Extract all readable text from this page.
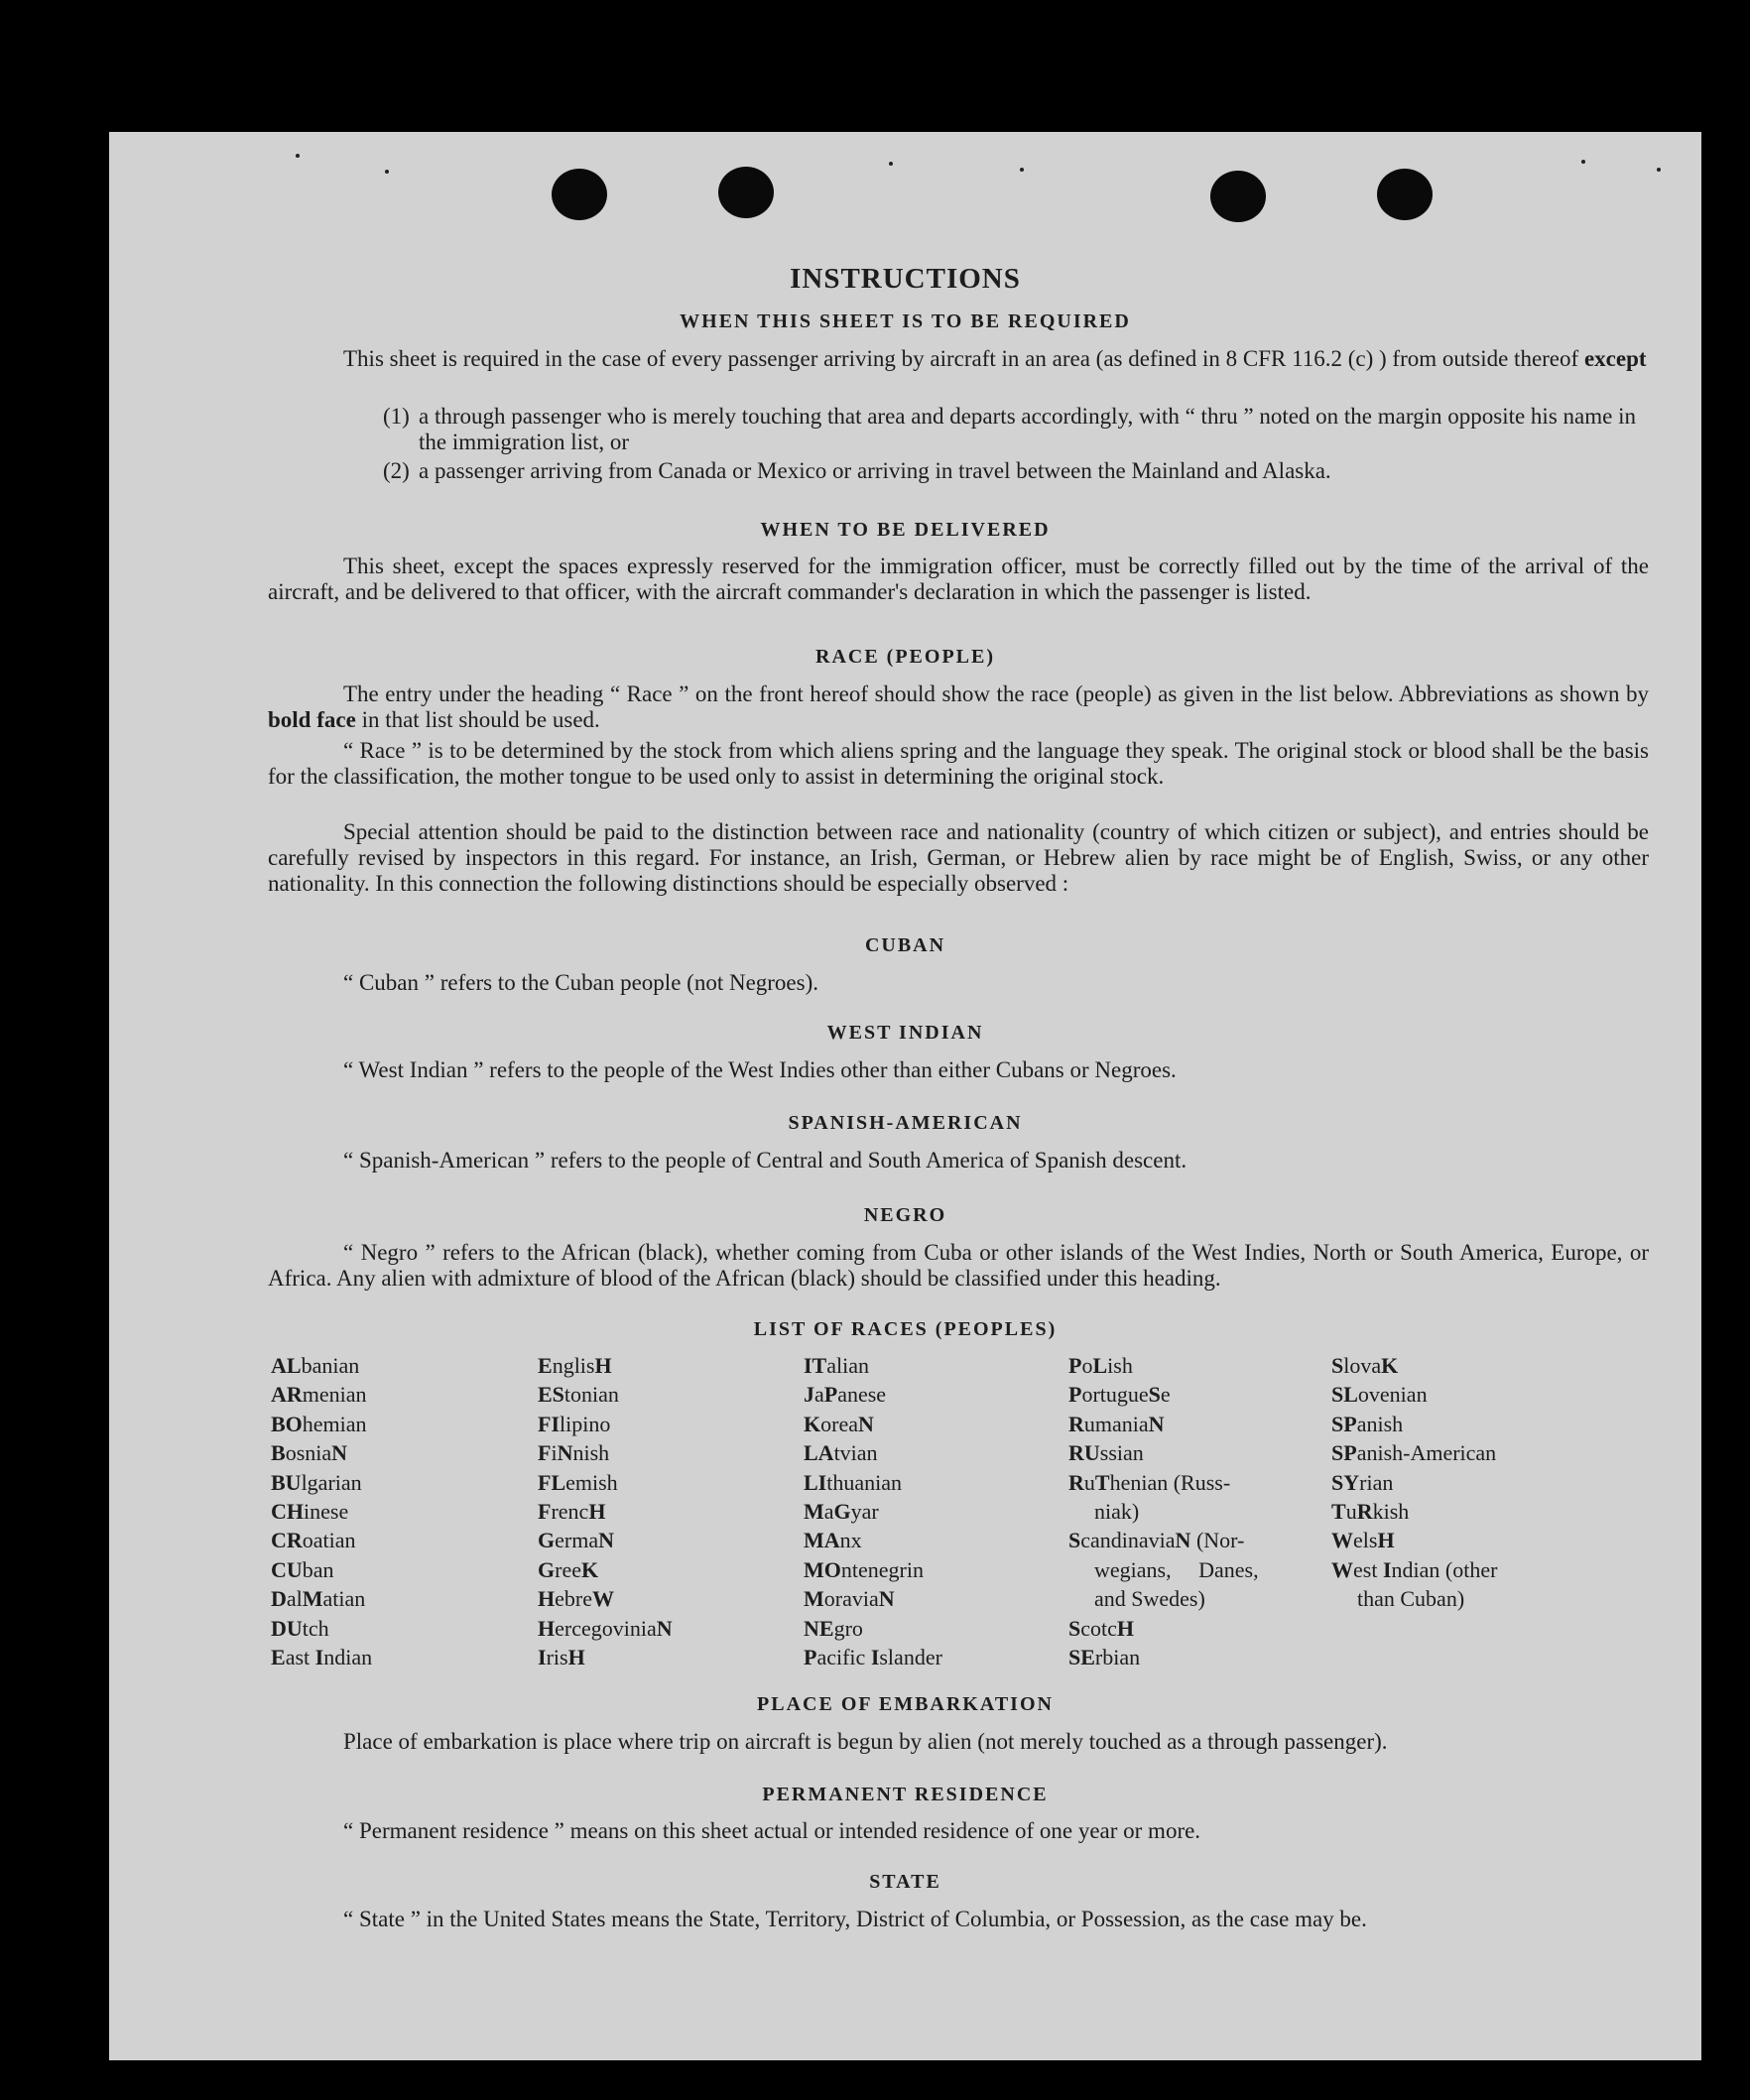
INSTRUCTIONS
WHEN THIS SHEET IS TO BE REQUIRED

This sheet is required in the case of every passenger arriving by aircraft in an area (as defined in 8 CFR 116.2 (c) ) from outside thereof except

(1) a through passenger who is merely touching that area and departs accordingly, with “ thru ” noted on the margin opposite his name in the immigration list, or
(2) a passenger arriving from Canada or Mexico or arriving in travel between the Mainland and Alaska.
WHEN TO BE DELIVERED

This sheet, except the spaces expressly reserved for the immigration officer, must be correctly filled out by the time of the arrival of the aircraft, and be delivered to that officer, with the aircraft commander's declaration in which the passenger is listed.

RACE (PEOPLE)

The entry under the heading “ Race ” on the front hereof should show the race (people) as given in the list below. Abbreviations as shown by bold face in that list should be used.

“ Race ” is to be determined by the stock from which aliens spring and the language they speak. The original stock or blood shall be the basis for the classification, the mother tongue to be used only to assist in determining the original stock.

Special attention should be paid to the distinction between race and nationality (country of which citizen or subject), and entries should be carefully revised by inspectors in this regard. For instance, an Irish, German, or Hebrew alien by race might be of English, Swiss, or any other nationality. In this connection the following distinctions should be especially observed :

CUBAN

“ Cuban ” refers to the Cuban people (not Negroes).

WEST INDIAN

“ West Indian ” refers to the people of the West Indies other than either Cubans or Negroes.

SPANISH-AMERICAN

“ Spanish-American ” refers to the people of Central and South America of Spanish descent.

NEGRO

“ Negro ” refers to the African (black), whether coming from Cuba or other islands of the West Indies, North or South America, Europe, or Africa. Any alien with admixture of blood of the African (black) should be classified under this heading.

LIST OF RACES (PEOPLES)
ALbanian
ARmenian
BOhemian
BosniaN
BUlgarian
CHinese
CRoatian
CUban
DalMatian
DUtch
East Indian
EnglisH
EStonian
FIlipino
FiNnish
FLemish
FrencH
GermaN
GreeK
HebreW
HercegoviniaN
IrisH
ITalian
JaPanese
KoreaN
LAtvian
LIthuanian
MaGyar
MAnx
MOntenegrin
MoraviaN
NEgro
Pacific Islander
PoLish
PortugueSe
RumaniaN
RUssian
RuThenian (Russ-
niak)
ScandinaviaN (Nor-
wegians,     Danes,
and Swedes)
ScotcH
SErbian
SlovaK
SLovenian
SPanish
SPanish-American
SYrian
TuRkish
WelsH
West Indian (other
than Cuban)
PLACE OF EMBARKATION

Place of embarkation is place where trip on aircraft is begun by alien (not merely touched as a through passenger).

PERMANENT RESIDENCE

“ Permanent residence ” means on this sheet actual or intended residence of one year or more.

STATE

“ State ” in the United States means the State, Territory, District of Columbia, or Possession, as the case may be.
